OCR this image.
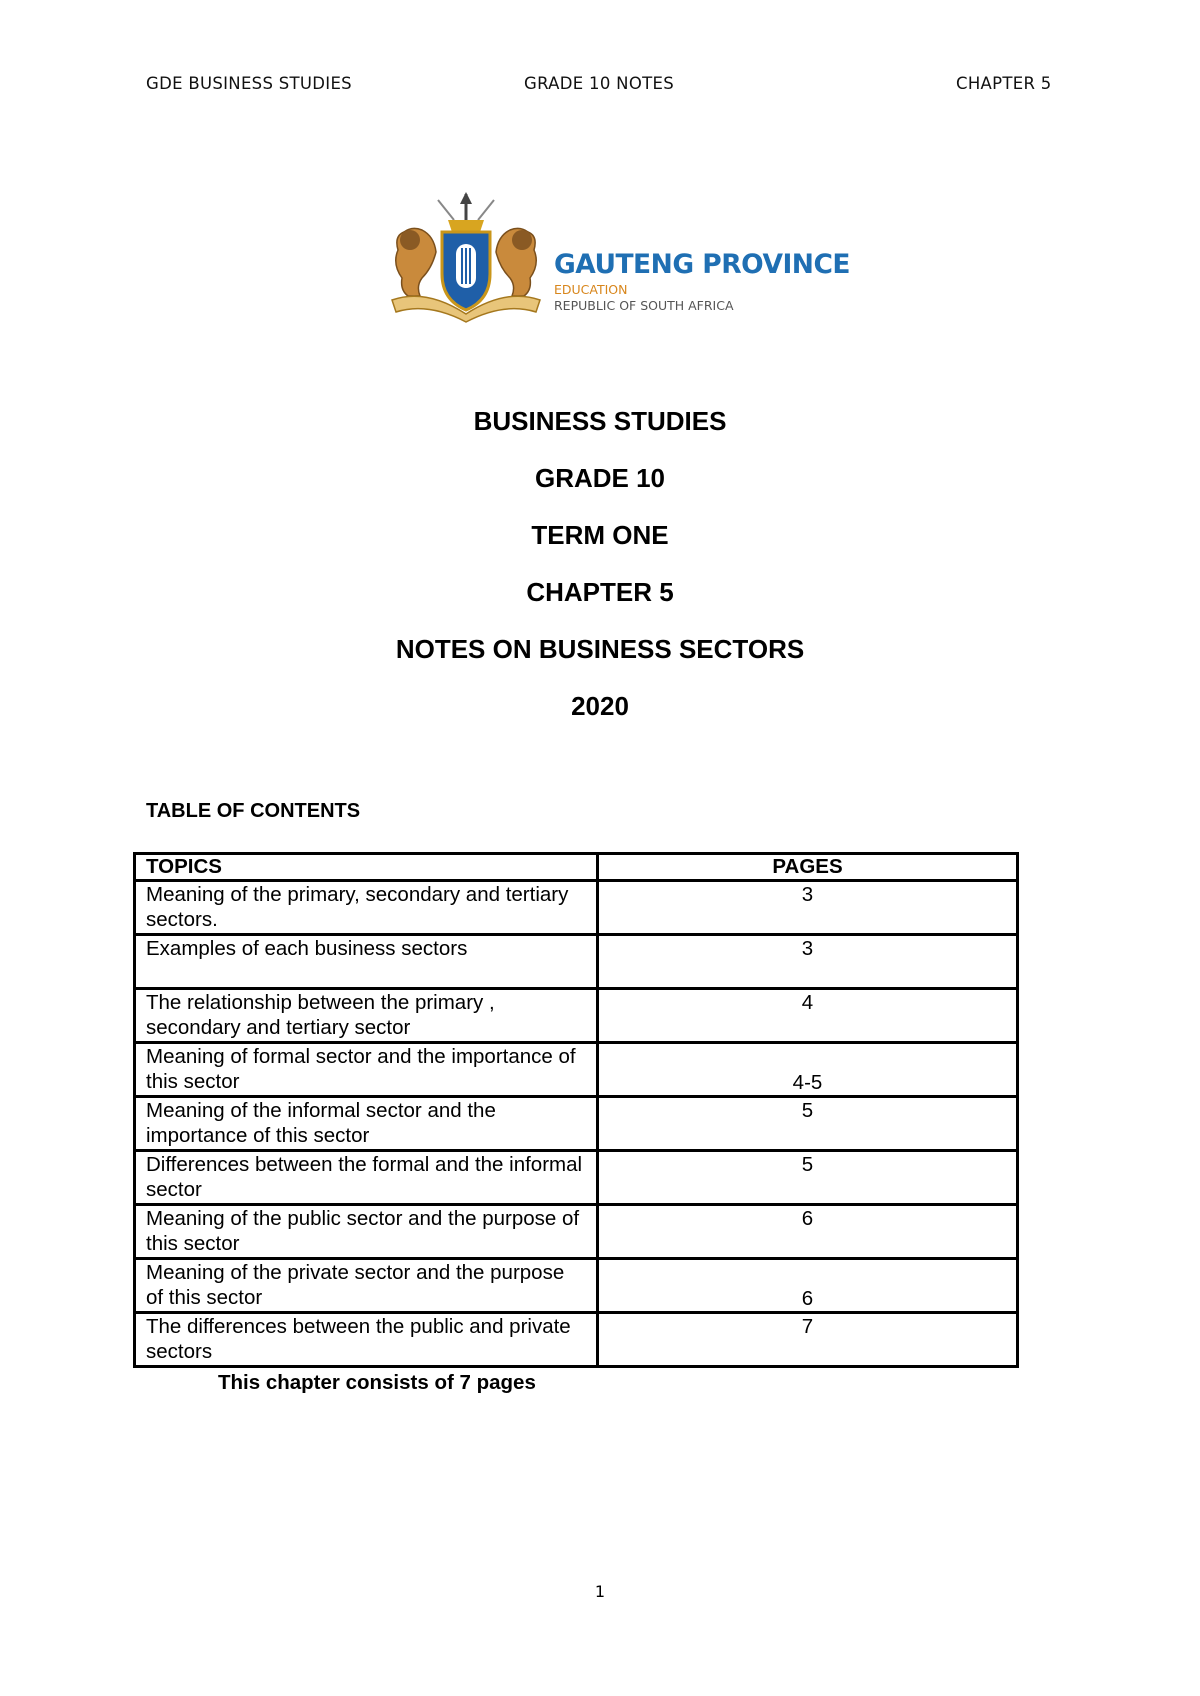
GDE BUSINESS STUDIES	GRADE 10 NOTES	CHAPTER 5
GAUTENG PROVINCE
EDUCATION
REPUBLIC OF SOUTH AFRICA
BUSINESS STUDIES
GRADE 10
TERM ONE
CHAPTER 5
NOTES ON BUSINESS SECTORS
2020
TABLE OF CONTENTS
TOPICS	PAGES
Meaning of the primary, secondary and tertiary sectors.	3
Examples of each business sectors	3
The relationship between the primary , secondary and tertiary sector	4
Meaning of formal sector and the importance of this sector	4-5
Meaning of the informal sector and the importance of this sector	5
Differences between the formal and the informal sector	5
Meaning of the public sector and the purpose of this sector	6
Meaning of the private sector and the purpose of this sector	6
The differences between the public and private sectors	7
This chapter consists of 7 pages
1
